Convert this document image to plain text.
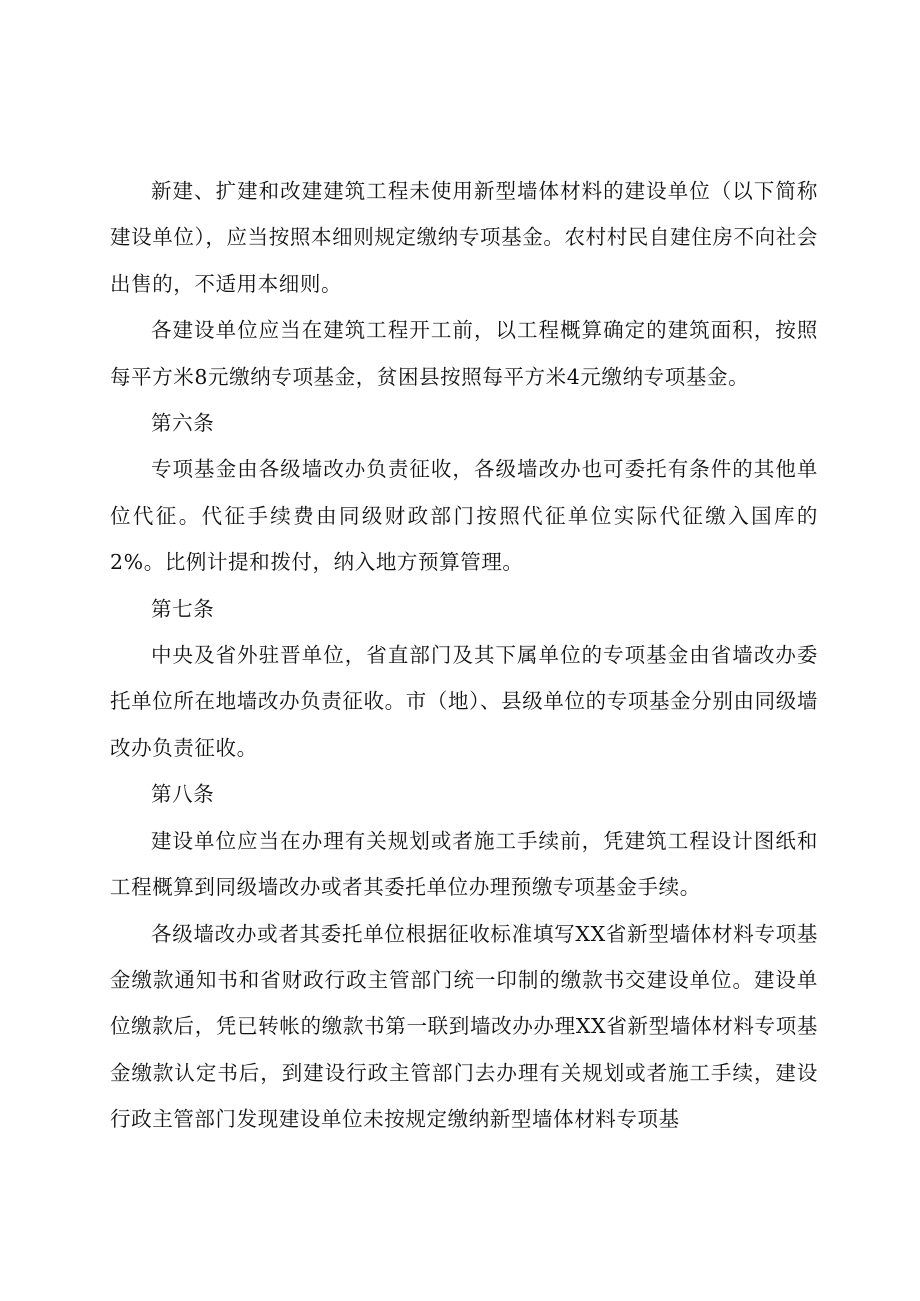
新建、扩建和改建建筑工程未使用新型墙体材料的建设单位（以下简称建设单位），应当按照本细则规定缴纳专项基金。农村村民自建住房不向社会出售的，不适用本细则。

各建设单位应当在建筑工程开工前，以工程概算确定的建筑面积，按照每平方米8元缴纳专项基金，贫困县按照每平方米4元缴纳专项基金。

第六条

专项基金由各级墙改办负责征收，各级墙改办也可委托有条件的其他单位代征。代征手续费由同级财政部门按照代征单位实际代征缴入国库的2%。比例计提和拨付，纳入地方预算管理。

第七条

中央及省外驻晋单位，省直部门及其下属单位的专项基金由省墙改办委托单位所在地墙改办负责征收。市（地）、县级单位的专项基金分别由同级墙改办负责征收。

第八条

建设单位应当在办理有关规划或者施工手续前，凭建筑工程设计图纸和工程概算到同级墙改办或者其委托单位办理预缴专项基金手续。

各级墙改办或者其委托单位根据征收标准填写XX省新型墙体材料专项基金缴款通知书和省财政行政主管部门统一印制的缴款书交建设单位。建设单位缴款后，凭已转帐的缴款书第一联到墙改办办理XX省新型墙体材料专项基金缴款认定书后，到建设行政主管部门去办理有关规划或者施工手续，建设行政主管部门发现建设单位未按规定缴纳新型墙体材料专项基
